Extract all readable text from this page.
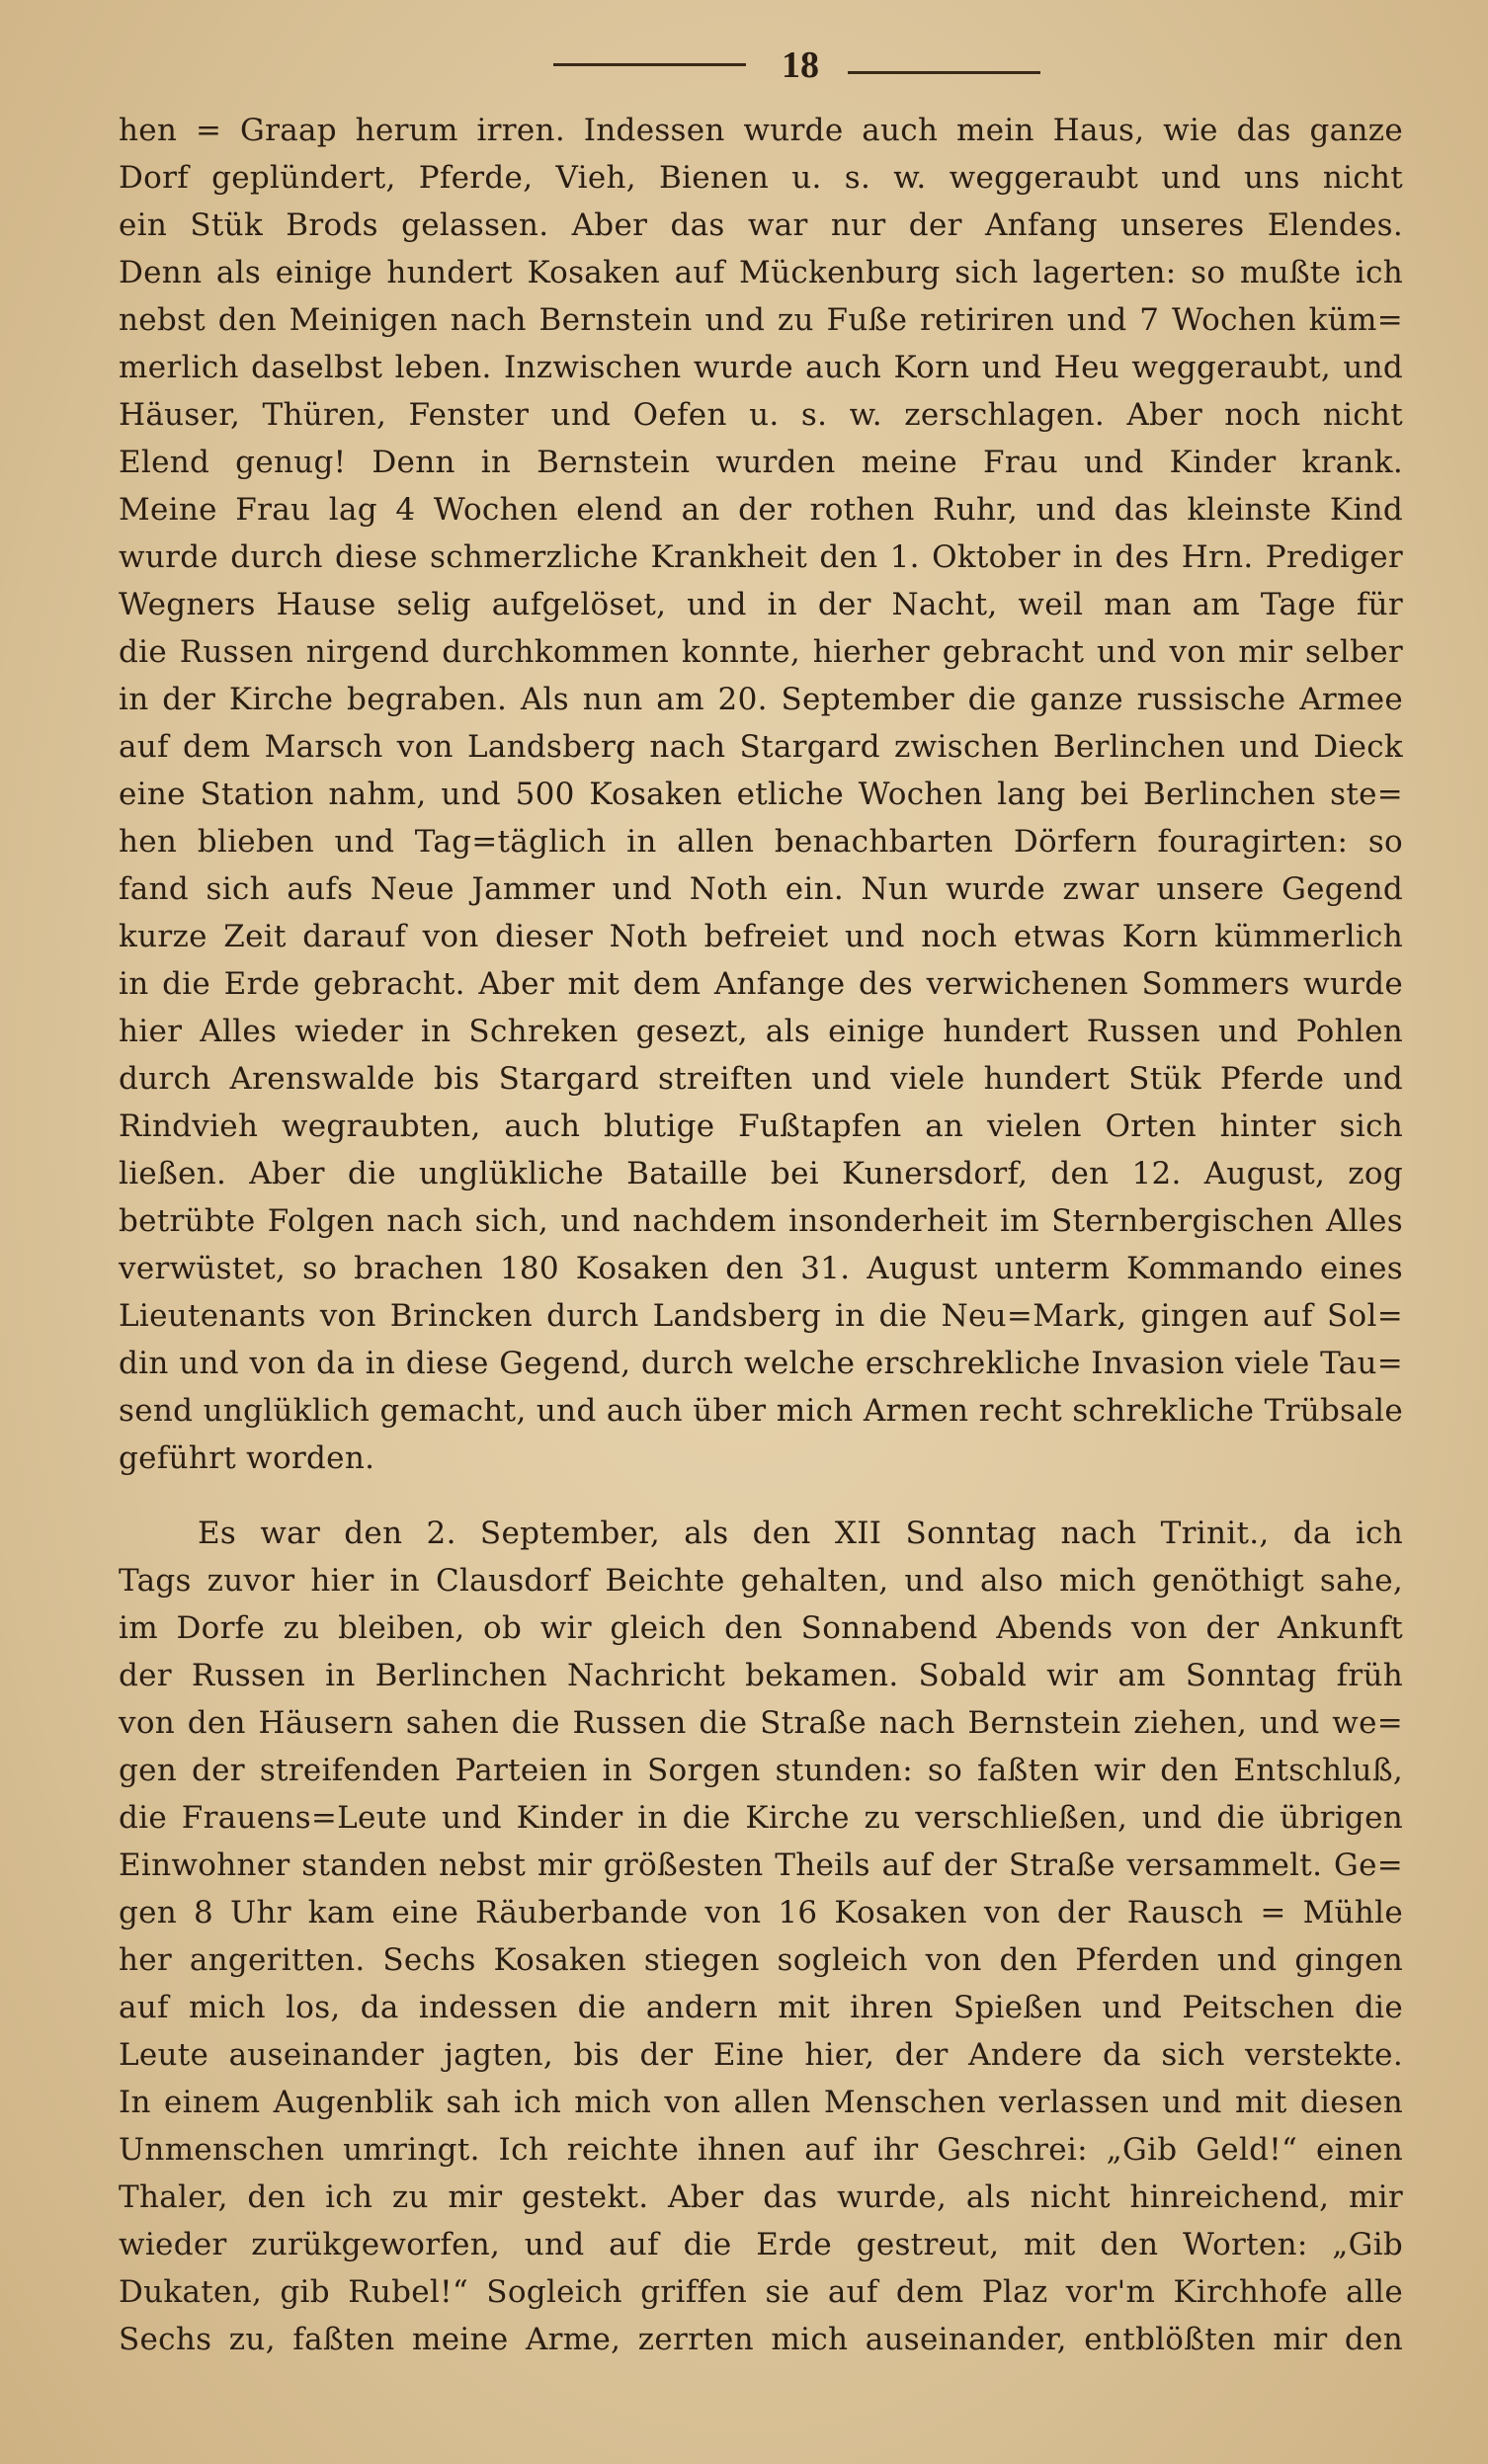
18
hen = Graap herum irren. Indessen wurde auch mein Haus, wie das ganze
Dorf geplündert, Pferde, Vieh, Bienen u. s. w. weggeraubt und uns nicht
ein Stük Brods gelassen. Aber das war nur der Anfang unseres Elendes.
Denn als einige hundert Kosaken auf Mückenburg sich lagerten: so mußte ich
nebst den Meinigen nach Bernstein und zu Fuße retiriren und 7 Wochen küm=
merlich daselbst leben. Inzwischen wurde auch Korn und Heu weggeraubt, und
Häuser, Thüren, Fenster und Oefen u. s. w. zerschlagen. Aber noch nicht
Elend genug! Denn in Bernstein wurden meine Frau und Kinder krank.
Meine Frau lag 4 Wochen elend an der rothen Ruhr, und das kleinste Kind
wurde durch diese schmerzliche Krankheit den 1. Oktober in des Hrn. Prediger
Wegners Hause selig aufgelöset, und in der Nacht, weil man am Tage für
die Russen nirgend durchkommen konnte, hierher gebracht und von mir selber
in der Kirche begraben. Als nun am 20. September die ganze russische Armee
auf dem Marsch von Landsberg nach Stargard zwischen Berlinchen und Dieck
eine Station nahm, und 500 Kosaken etliche Wochen lang bei Berlinchen ste=
hen blieben und Tag=täglich in allen benachbarten Dörfern fouragirten: so
fand sich aufs Neue Jammer und Noth ein. Nun wurde zwar unsere Gegend
kurze Zeit darauf von dieser Noth befreiet und noch etwas Korn kümmerlich
in die Erde gebracht. Aber mit dem Anfange des verwichenen Sommers wurde
hier Alles wieder in Schreken gesezt, als einige hundert Russen und Pohlen
durch Arenswalde bis Stargard streiften und viele hundert Stük Pferde und
Rindvieh wegraubten, auch blutige Fußtapfen an vielen Orten hinter sich
ließen. Aber die unglükliche Bataille bei Kunersdorf, den 12. August, zog
betrübte Folgen nach sich, und nachdem insonderheit im Sternbergischen Alles
verwüstet, so brachen 180 Kosaken den 31. August unterm Kommando eines
Lieutenants von Brincken durch Landsberg in die Neu=Mark, gingen auf Sol=
din und von da in diese Gegend, durch welche erschrekliche Invasion viele Tau=
send unglüklich gemacht, und auch über mich Armen recht schrekliche Trübsale
geführt worden.
Es war den 2. September, als den XII Sonntag nach Trinit., da ich
Tags zuvor hier in Clausdorf Beichte gehalten, und also mich genöthigt sahe,
im Dorfe zu bleiben, ob wir gleich den Sonnabend Abends von der Ankunft
der Russen in Berlinchen Nachricht bekamen. Sobald wir am Sonntag früh
von den Häusern sahen die Russen die Straße nach Bernstein ziehen, und we=
gen der streifenden Parteien in Sorgen stunden: so faßten wir den Entschluß,
die Frauens=Leute und Kinder in die Kirche zu verschließen, und die übrigen
Einwohner standen nebst mir größesten Theils auf der Straße versammelt. Ge=
gen 8 Uhr kam eine Räuberbande von 16 Kosaken von der Rausch = Mühle
her angeritten. Sechs Kosaken stiegen sogleich von den Pferden und gingen
auf mich los, da indessen die andern mit ihren Spießen und Peitschen die
Leute auseinander jagten, bis der Eine hier, der Andere da sich verstekte.
In einem Augenblik sah ich mich von allen Menschen verlassen und mit diesen
Unmenschen umringt. Ich reichte ihnen auf ihr Geschrei: „Gib Geld!“ einen
Thaler, den ich zu mir gestekt. Aber das wurde, als nicht hinreichend, mir
wieder zurükgeworfen, und auf die Erde gestreut, mit den Worten: „Gib
Dukaten, gib Rubel!“ Sogleich griffen sie auf dem Plaz vor'm Kirchhofe alle
Sechs zu, faßten meine Arme, zerrten mich auseinander, entblößten mir den
